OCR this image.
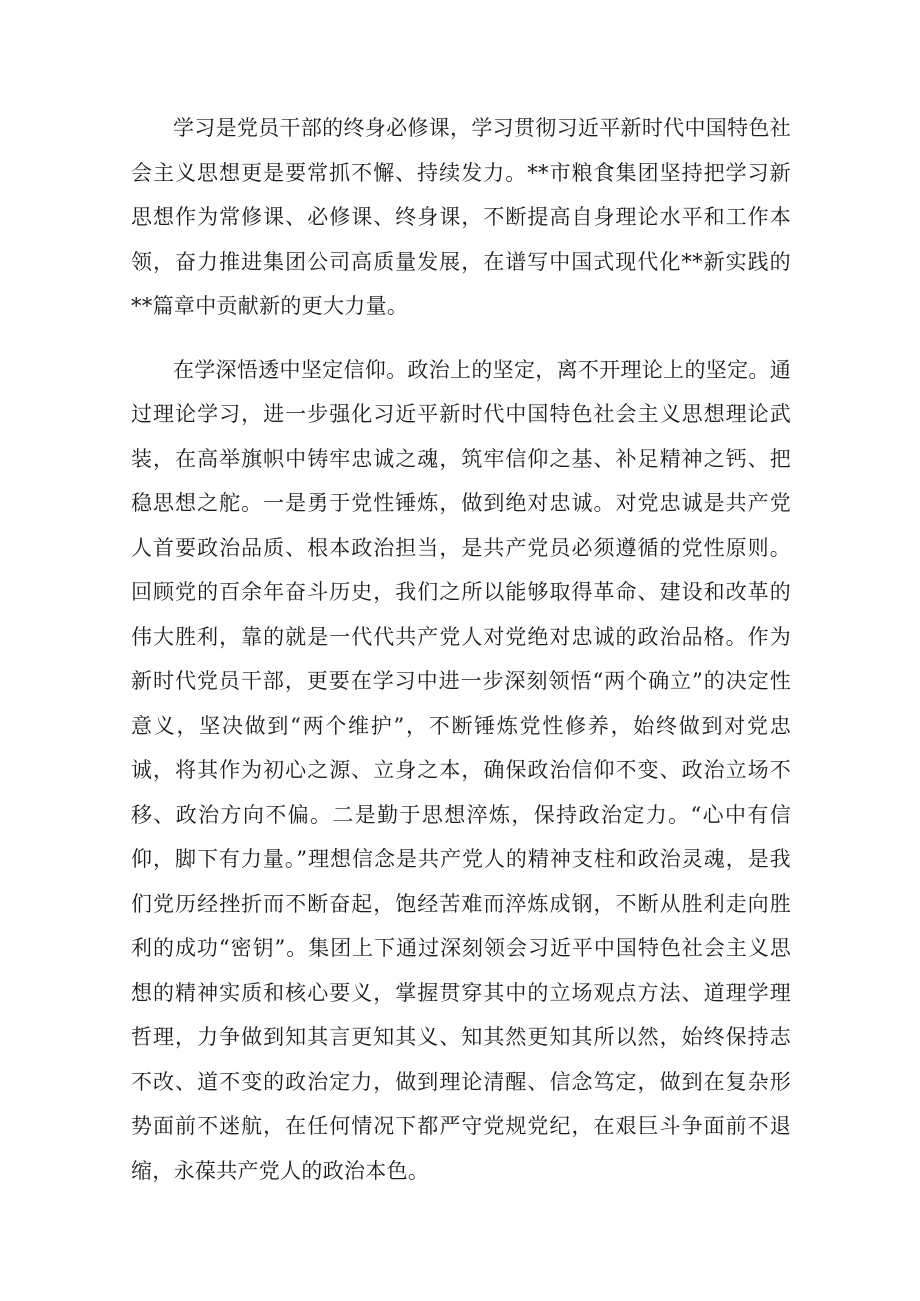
学习是党员干部的终身必修课，学习贯彻习近平新时代中国特色社会主义思想更是要常抓不懈、持续发力。**市粮食集团坚持把学习新思想作为常修课、必修课、终身课，不断提高自身理论水平和工作本领，奋力推进集团公司高质量发展，在谱写中国式现代化**新实践的**篇章中贡献新的更大力量。

在学深悟透中坚定信仰。政治上的坚定，离不开理论上的坚定。通过理论学习，进一步强化习近平新时代中国特色社会主义思想理论武装，在高举旗帜中铸牢忠诚之魂，筑牢信仰之基、补足精神之钙、把稳思想之舵。一是勇于党性锤炼，做到绝对忠诚。对党忠诚是共产党人首要政治品质、根本政治担当，是共产党员必须遵循的党性原则。回顾党的百余年奋斗历史，我们之所以能够取得革命、建设和改革的伟大胜利，靠的就是一代代共产党人对党绝对忠诚的政治品格。作为新时代党员干部，更要在学习中进一步深刻领悟“两个确立”的决定性意义，坚决做到“两个维护”，不断锤炼党性修养，始终做到对党忠诚，将其作为初心之源、立身之本，确保政治信仰不变、政治立场不移、政治方向不偏。二是勤于思想淬炼，保持政治定力。“心中有信仰，脚下有力量。”理想信念是共产党人的精神支柱和政治灵魂，是我们党历经挫折而不断奋起，饱经苦难而淬炼成钢，不断从胜利走向胜利的成功“密钥”。集团上下通过深刻领会习近平中国特色社会主义思想的精神实质和核心要义，掌握贯穿其中的立场观点方法、道理学理哲理，力争做到知其言更知其义、知其然更知其所以然，始终保持志不改、道不变的政治定力，做到理论清醒、信念笃定，做到在复杂形势面前不迷航，在任何情况下都严守党规党纪，在艰巨斗争面前不退缩，永葆共产党人的政治本色。
